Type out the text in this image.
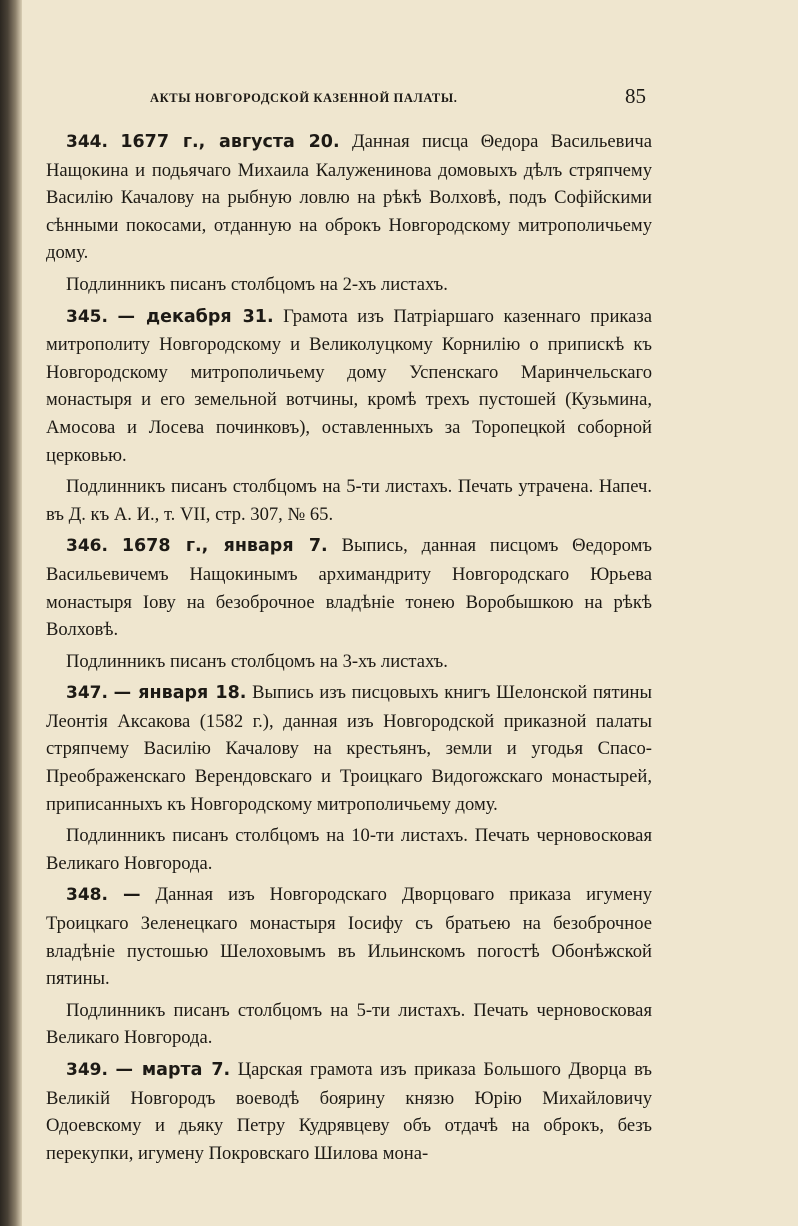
АКТЫ НОВГОРОДСКОЙ КАЗЕННОЙ ПАЛАТЫ.	85

344. 1677 г., августа 20. Данная писца Θедора Васильевича Нащокина и подьячаго Михаила Калуженинова домовыхъ дѣлъ стряпчему Василію Качалову на рыбную ловлю на рѣкѣ Волховѣ, подъ Софійскими сѣнными покосами, отданную на оброкъ Новгородскому митрополичьему дому.

Подлинникъ писанъ столбцомъ на 2-хъ листахъ.

345. — декабря 31. Грамота изъ Патріаршаго казеннаго приказа митрополиту Новгородскому и Великолуцкому Корнилію о припискѣ къ Новгородскому митрополичьему дому Успенскаго Маринчельскаго монастыря и его земельной вотчины, кромѣ трехъ пустошей (Кузьмина, Амосова и Лосева починковъ), оставленныхъ за Торопецкой соборной церковью.

Подлинникъ писанъ столбцомъ на 5-ти листахъ. Печать утрачена. Напеч. въ Д. къ А. И., т. VII, стр. 307, № 65.

346. 1678 г., января 7. Выпись, данная писцомъ Θедоромъ Васильевичемъ Нащокинымъ архимандриту Новгородскаго Юрьева монастыря Іову на безоброчное владѣніе тонею Воробышкою на рѣкѣ Волховѣ.

Подлинникъ писанъ столбцомъ на 3-хъ листахъ.

347. — января 18. Выпись изъ писцовыхъ книгъ Шелонской пятины Леонтія Аксакова (1582 г.), данная изъ Новгородской приказной палаты стряпчему Василію Качалову на крестьянъ, земли и угодья Спасо-Преображенскаго Верендовскаго и Троицкаго Видогожскаго монастырей, приписанныхъ къ Новгородскому митрополичьему дому.

Подлинникъ писанъ столбцомъ на 10-ти листахъ. Печать черновосковая Великаго Новгорода.

348. — Данная изъ Новгородскаго Дворцоваго приказа игумену Троицкаго Зеленецкаго монастыря Іосифу съ братьею на безоброчное владѣніе пустошью Шелоховымъ въ Ильинскомъ погостѣ Обонѣжской пятины.

Подлинникъ писанъ столбцомъ на 5-ти листахъ. Печать черновосковая Великаго Новгорода.

349. — марта 7. Царская грамота изъ приказа Большого Дворца въ Великій Новгородъ воеводѣ боярину князю Юрію Михайловичу Одоевскому и дьяку Петру Кудрявцеву объ отдачѣ на оброкъ, безъ перекупки, игумену Покровскаго Шилова мона-
